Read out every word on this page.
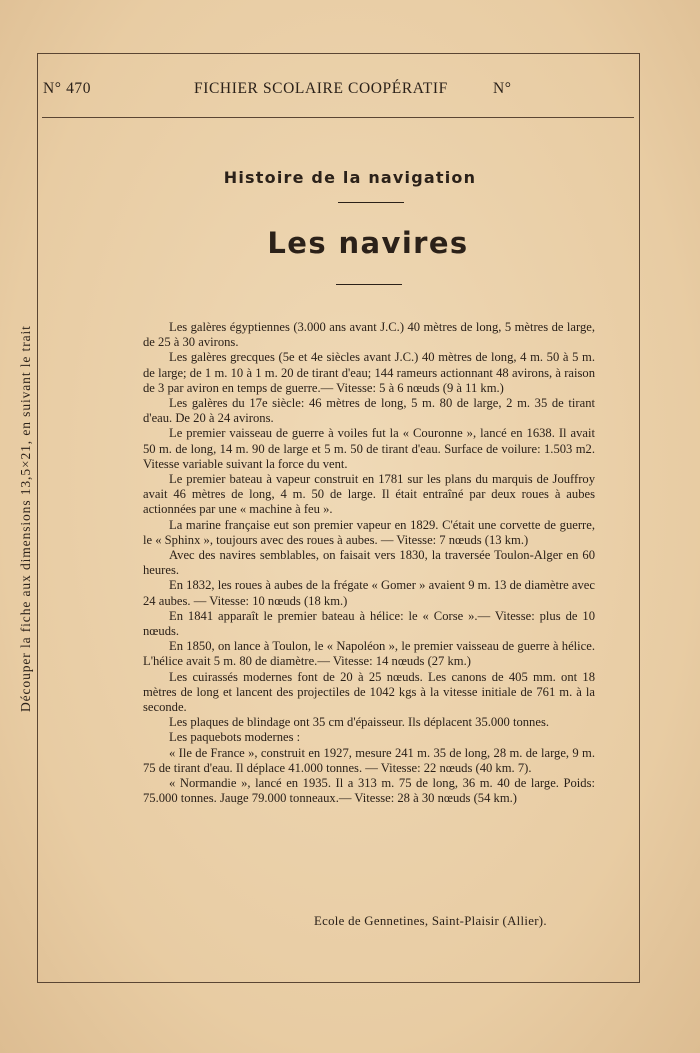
N° 470	FICHIER SCOLAIRE COOPÉRATIF	N°
Découper la fiche aux dimensions 13,5×21, en suivant le trait
Histoire de la navigation
Les navires

Les galères égyptiennes (3.000 ans avant J.C.) 40 mètres de long, 5 mètres de large, de 25 à 30 avirons.

Les galères grecques (5e et 4e siècles avant J.C.) 40 mètres de long, 4 m. 50 à 5 m. de large; de 1 m. 10 à 1 m. 20 de tirant d'eau; 144 rameurs actionnant 48 avirons, à raison de 3 par aviron en temps de guerre.— Vitesse: 5 à 6 nœuds (9 à 11 km.)

Les galères du 17e siècle: 46 mètres de long, 5 m. 80 de large, 2 m. 35 de tirant d'eau. De 20 à 24 avirons.

Le premier vaisseau de guerre à voiles fut la « Couronne », lancé en 1638. Il avait 50 m. de long, 14 m. 90 de large et 5 m. 50 de tirant d'eau. Surface de voilure: 1.503 m2. Vitesse variable suivant la force du vent.

Le premier bateau à vapeur construit en 1781 sur les plans du marquis de Jouffroy avait 46 mètres de long, 4 m. 50 de large. Il était entraîné par deux roues à aubes actionnées par une « machine à feu ».

La marine française eut son premier vapeur en 1829. C'était une corvette de guerre, le « Sphinx », toujours avec des roues à aubes. — Vitesse: 7 nœuds (13 km.)

Avec des navires semblables, on faisait vers 1830, la traversée Toulon-Alger en 60 heures.

En 1832, les roues à aubes de la frégate « Gomer » avaient 9 m. 13 de diamètre avec 24 aubes. — Vitesse: 10 nœuds (18 km.)

En 1841 apparaît le premier bateau à hélice: le « Corse ».— Vitesse: plus de 10 nœuds.

En 1850, on lance à Toulon, le « Napoléon », le premier vaisseau de guerre à hélice. L'hélice avait 5 m. 80 de diamètre.— Vitesse: 14 nœuds (27 km.)

Les cuirassés modernes font de 20 à 25 nœuds. Les canons de 405 mm. ont 18 mètres de long et lancent des projectiles de 1042 kgs à la vitesse initiale de 761 m. à la seconde.

Les plaques de blindage ont 35 cm d'épaisseur. Ils déplacent 35.000 tonnes.

Les paquebots modernes :

« Ile de France », construit en 1927, mesure 241 m. 35 de long, 28 m. de large, 9 m. 75 de tirant d'eau. Il déplace 41.000 tonnes. — Vitesse: 22 nœuds (40 km. 7).

« Normandie », lancé en 1935. Il a 313 m. 75 de long, 36 m. 40 de large. Poids: 75.000 tonnes. Jauge 79.000 tonneaux.— Vitesse: 28 à 30 nœuds (54 km.)

Ecole de Gennetines, Saint-Plaisir (Allier).
